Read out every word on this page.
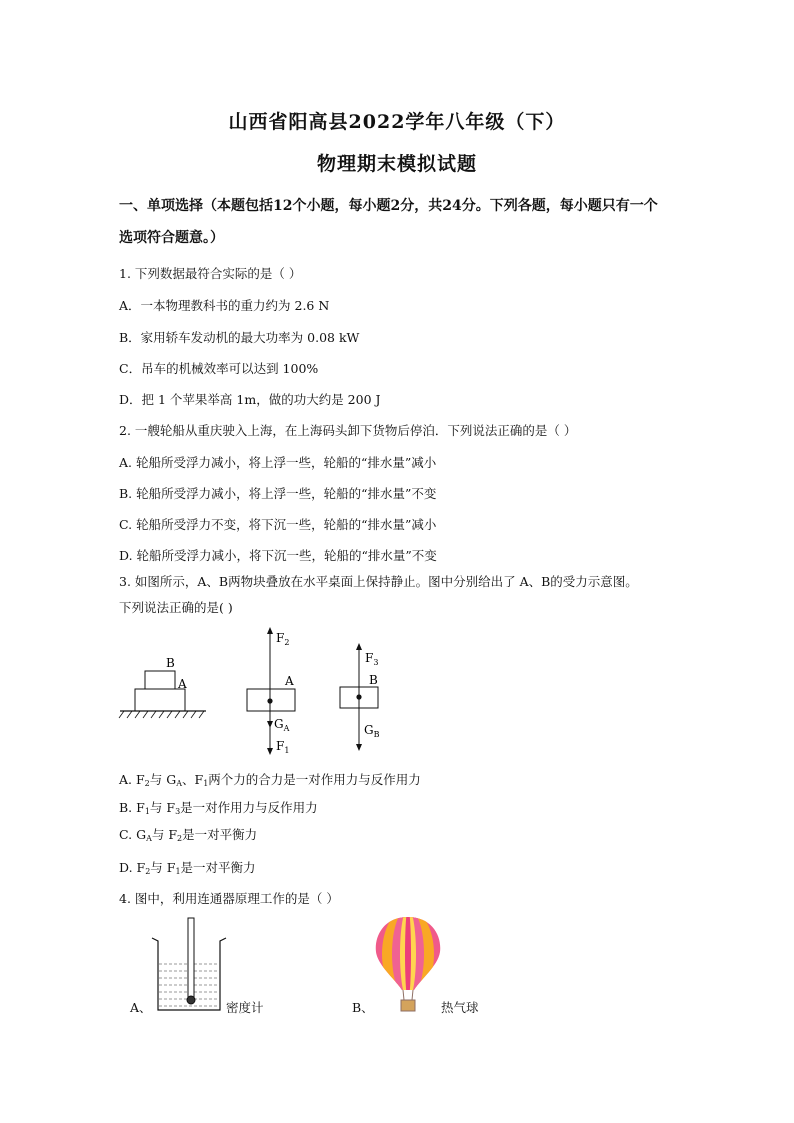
山西省阳高县2022学年八年级（下）
物理期末模拟试题
一、单项选择（本题包括12个小题，每小题2分，共24分。下列各题，每小题只有一个
选项符合题意。）
1. 下列数据最符合实际的是（ ）
A．一本物理教科书的重力约为 2.6 N
B．家用轿车发动机的最大功率为 0.08 kW
C．吊车的机械效率可以达到 100%
D．把 1 个苹果举高 1m，做的功大约是 200 J
2. 一艘轮船从重庆驶入上海，在上海码头卸下货物后停泊．下列说法正确的是（ ）
A. 轮船所受浮力减小，将上浮一些，轮船的“排水量”减小
B. 轮船所受浮力减小，将上浮一些，轮船的“排水量”不变
C. 轮船所受浮力不变，将下沉一些，轮船的“排水量”减小
D. 轮船所受浮力减小，将下沉一些，轮船的“排水量”不变
3. 如图所示，A、B两物块叠放在水平桌面上保持静止。图中分别给出了 A、B的受力示意图。
下列说法正确的是( )
B
A
$F_2$
A
$G_A$
$F_1$
$F_3$
B
$G_B$
A. $F_2$与 $G_A$、$F_1$两个力的合力是一对作用力与反作用力
B. $F_1$与 $F_3$是一对作用力与反作用力
C. $G_A$与 $F_2$是一对平衡力
D. $F_2$与 $F_1$是一对平衡力
4. 图中，利用连通器原理工作的是（ ）
A、	密度计	B、	热气球
